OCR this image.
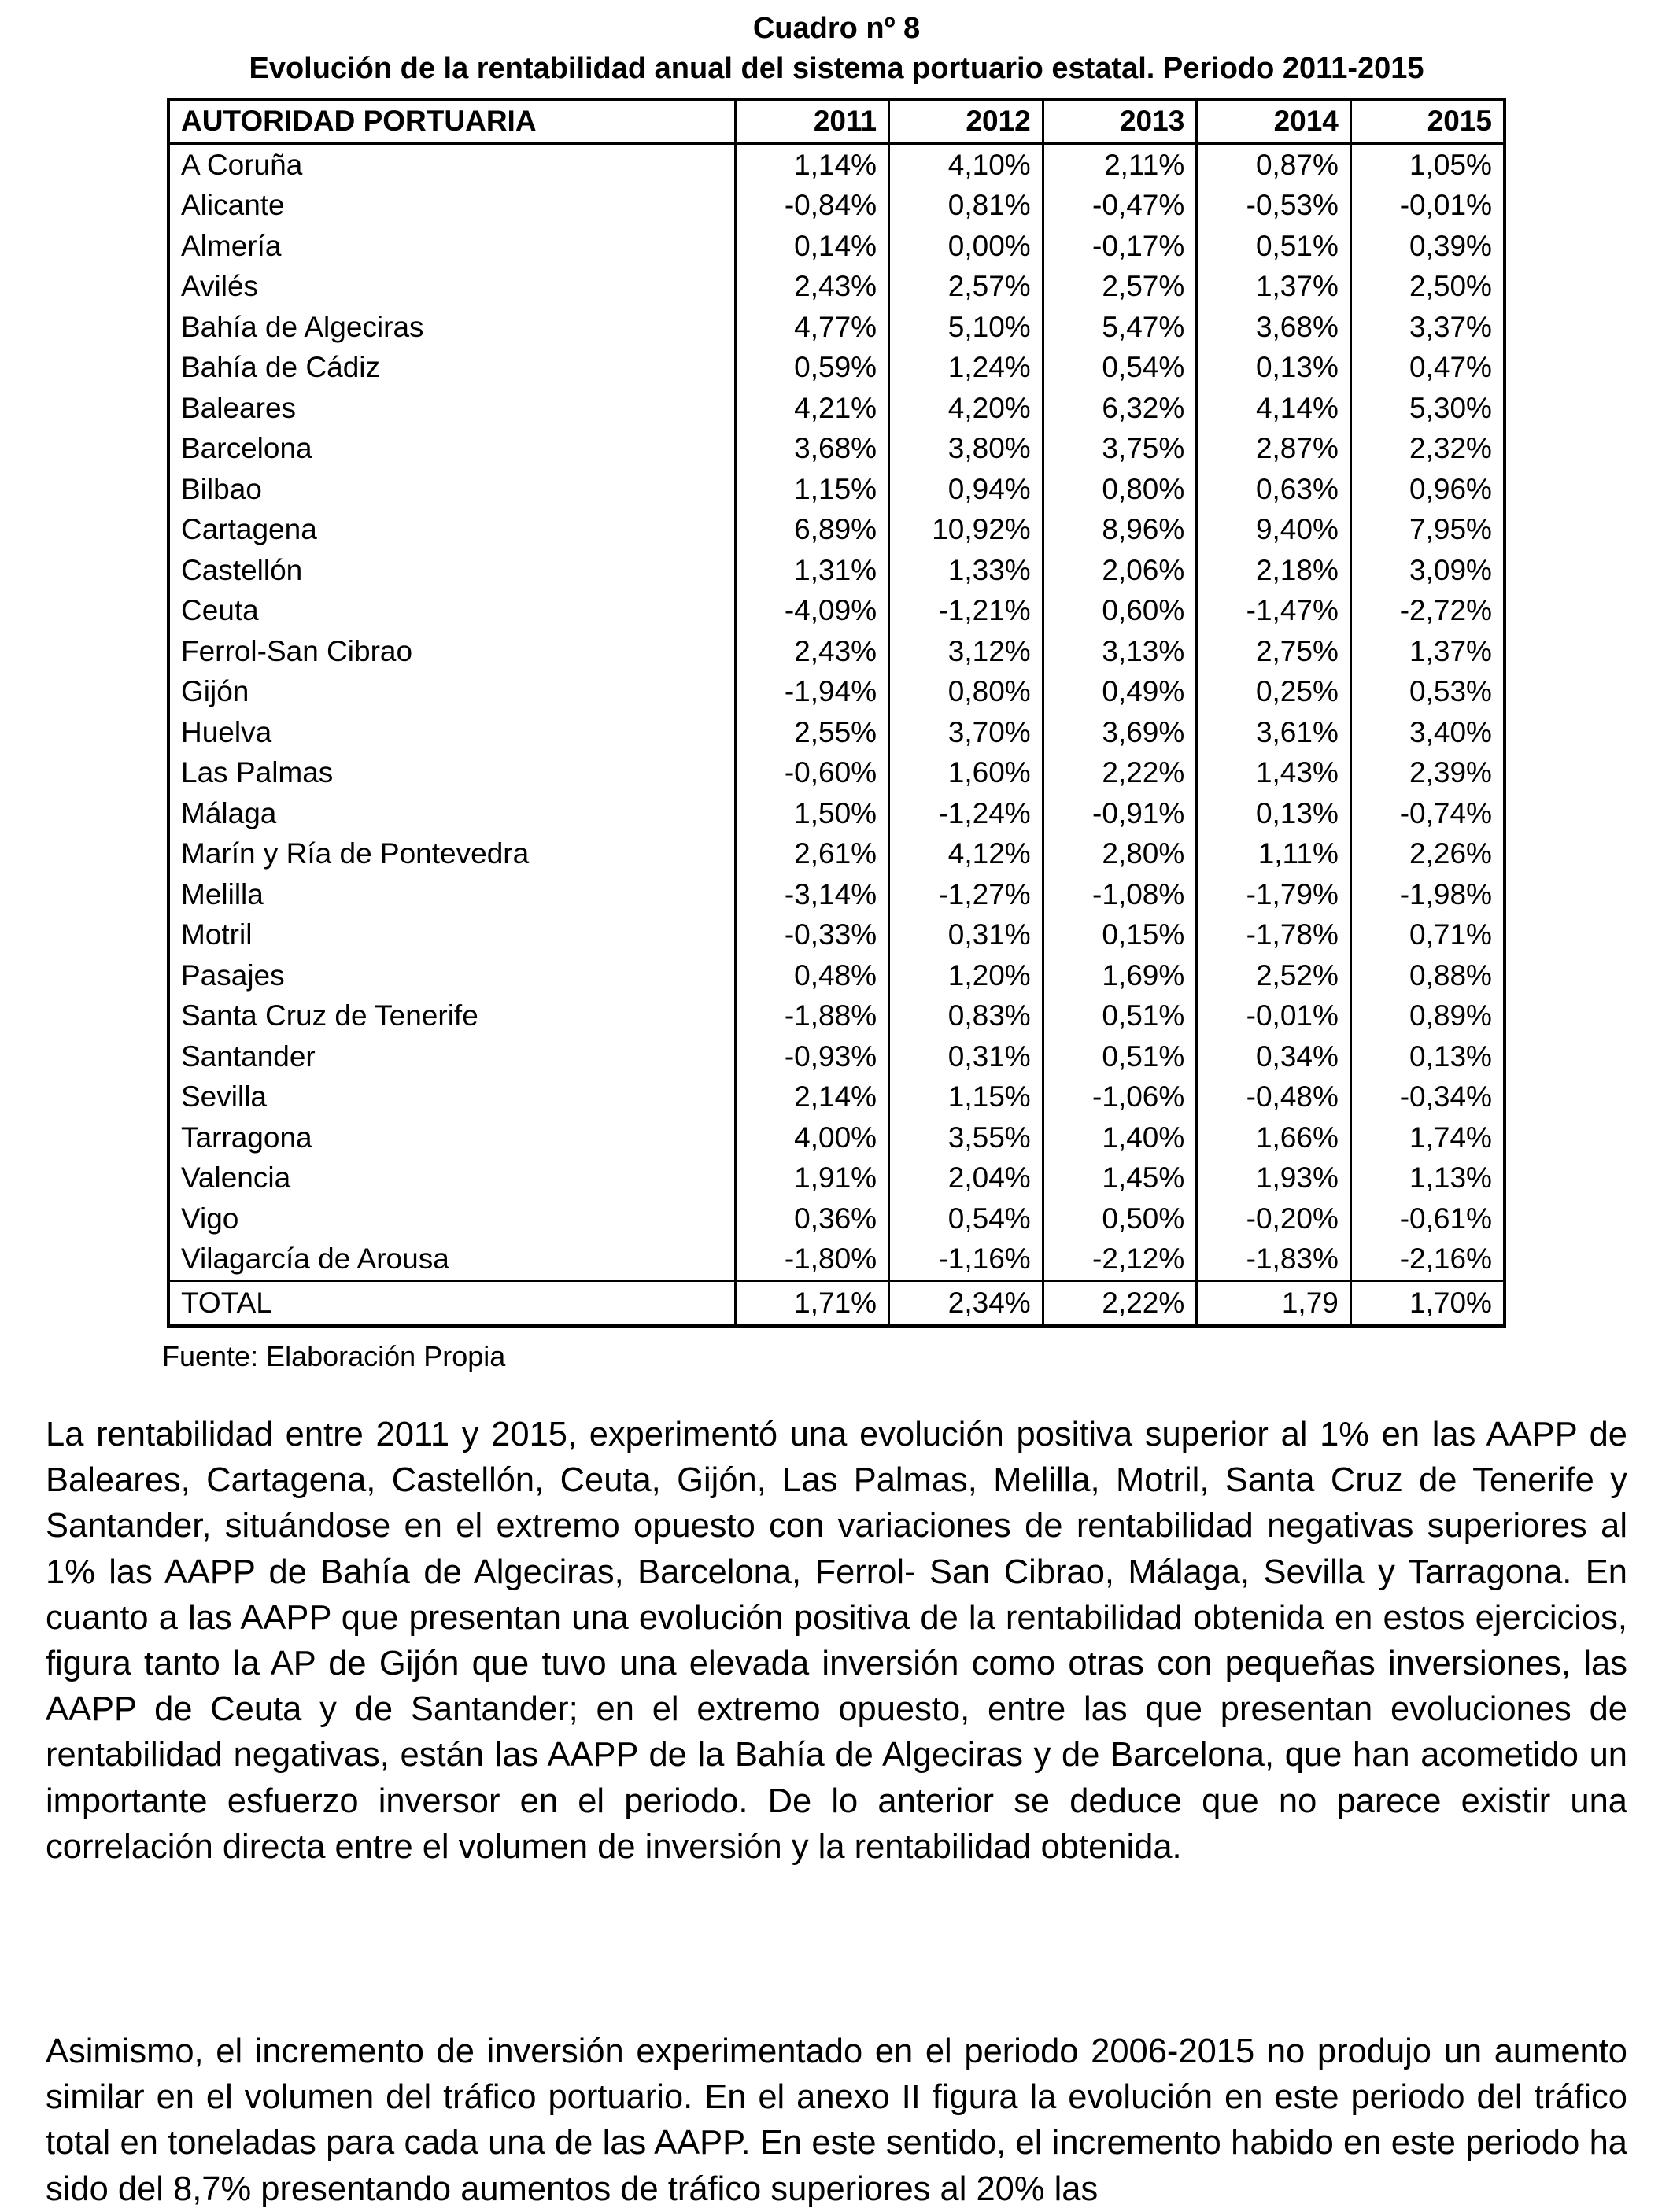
Cuadro nº 8
Evolución de la rentabilidad anual del sistema portuario estatal. Periodo 2011-2015
AUTORIDAD PORTUARIA	2011	2012	2013	2014	2015
A Coruña	1,14%	4,10%	2,11%	0,87%	1,05%
Alicante	-0,84%	0,81%	-0,47%	-0,53%	-0,01%
Almería	0,14%	0,00%	-0,17%	0,51%	0,39%
Avilés	2,43%	2,57%	2,57%	1,37%	2,50%
Bahía de Algeciras	4,77%	5,10%	5,47%	3,68%	3,37%
Bahía de Cádiz	0,59%	1,24%	0,54%	0,13%	0,47%
Baleares	4,21%	4,20%	6,32%	4,14%	5,30%
Barcelona	3,68%	3,80%	3,75%	2,87%	2,32%
Bilbao	1,15%	0,94%	0,80%	0,63%	0,96%
Cartagena	6,89%	10,92%	8,96%	9,40%	7,95%
Castellón	1,31%	1,33%	2,06%	2,18%	3,09%
Ceuta	-4,09%	-1,21%	0,60%	-1,47%	-2,72%
Ferrol-San Cibrao	2,43%	3,12%	3,13%	2,75%	1,37%
Gijón	-1,94%	0,80%	0,49%	0,25%	0,53%
Huelva	2,55%	3,70%	3,69%	3,61%	3,40%
Las Palmas	-0,60%	1,60%	2,22%	1,43%	2,39%
Málaga	1,50%	-1,24%	-0,91%	0,13%	-0,74%
Marín y Ría de Pontevedra	2,61%	4,12%	2,80%	1,11%	2,26%
Melilla	-3,14%	-1,27%	-1,08%	-1,79%	-1,98%
Motril	-0,33%	0,31%	0,15%	-1,78%	0,71%
Pasajes	0,48%	1,20%	1,69%	2,52%	0,88%
Santa Cruz de Tenerife	-1,88%	0,83%	0,51%	-0,01%	0,89%
Santander	-0,93%	0,31%	0,51%	0,34%	0,13%
Sevilla	2,14%	1,15%	-1,06%	-0,48%	-0,34%
Tarragona	4,00%	3,55%	1,40%	1,66%	1,74%
Valencia	1,91%	2,04%	1,45%	1,93%	1,13%
Vigo	0,36%	0,54%	0,50%	-0,20%	-0,61%
Vilagarcía de Arousa	-1,80%	-1,16%	-2,12%	-1,83%	-2,16%
TOTAL	1,71%	2,34%	2,22%	1,79	1,70%
Fuente: Elaboración Propia

La rentabilidad entre 2011 y 2015, experimentó una evolución positiva superior al 1% en las AAPP de Baleares, Cartagena, Castellón, Ceuta, Gijón, Las Palmas, Melilla, Motril, Santa Cruz de Tenerife y Santander, situándose en el extremo opuesto con variaciones de rentabilidad negativas superiores al 1% las AAPP de Bahía de Algeciras, Barcelona, Ferrol- San Cibrao, Málaga, Sevilla y Tarragona. En cuanto a las AAPP que presentan una evolución positiva de la rentabilidad obtenida en estos ejercicios, figura tanto la AP de Gijón que tuvo una elevada inversión como otras con pequeñas inversiones, las AAPP de Ceuta y de Santander; en el extremo opuesto, entre las que presentan evoluciones de rentabilidad negativas, están las AAPP de la Bahía de Algeciras y de Barcelona, que han acometido un importante esfuerzo inversor en el periodo. De lo anterior se deduce que no parece existir una correlación directa entre el volumen de inversión y la rentabilidad obtenida.

Asimismo, el incremento de inversión experimentado en el periodo 2006-2015 no produjo un aumento similar en el volumen del tráfico portuario. En el anexo II figura la evolución en este periodo del tráfico total en toneladas para cada una de las AAPP. En este sentido, el incremento habido en este periodo ha sido del 8,7% presentando aumentos de tráfico superiores al 20% las
